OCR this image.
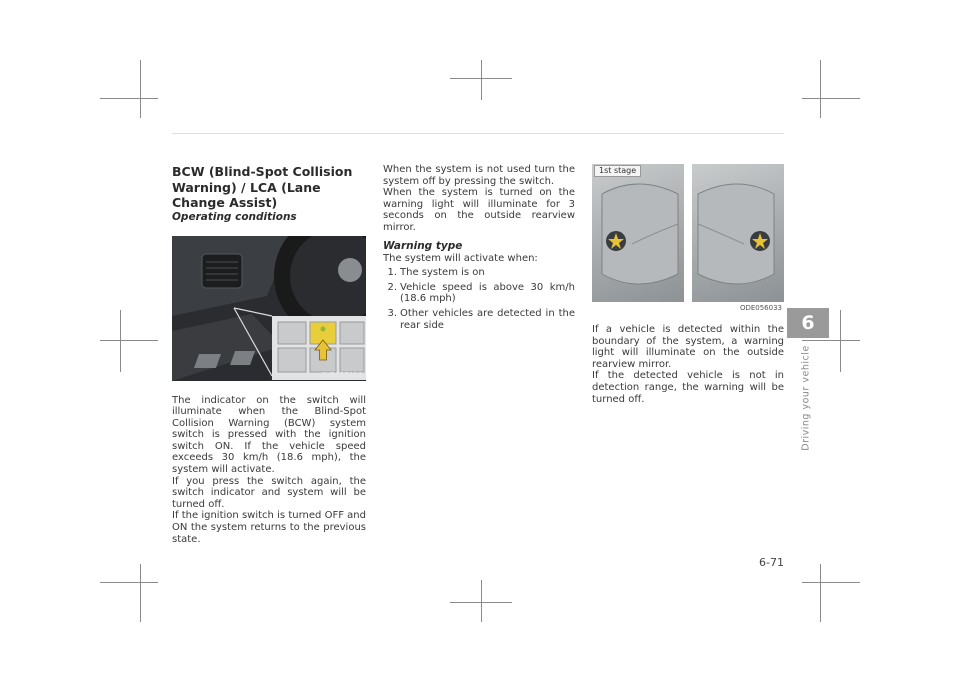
BCW (Blind-Spot Collision Warning) / LCA (Lane Change Assist)

Operating conditions

OYB057086

The indicator on the switch will illuminate when the Blind-Spot Collision Warning (BCW) system switch is pressed with the ignition switch ON. If the vehicle speed exceeds 30 km/h (18.6 mph), the system will activate.

If you press the switch again, the switch indicator and system will be turned off.

If the ignition switch is turned OFF and ON the system returns to the previous state.

When the system is not used turn the system off by pressing the switch.

When the system is turned on the warning light will illuminate for 3 seconds on the outside rearview mirror.

Warning type

The system will activate when:

1. The system is on
2. Vehicle speed is above 30 km/h (18.6 mph)
3. Other vehicles are detected in the rear side
1st stage
ODE056033

If a vehicle is detected within the boundary of the system, a warning light will illuminate on the outside rearview mirror.

If the detected vehicle is not in detection range, the warning will be turned off.

6
Driving your vehicle
6-71
